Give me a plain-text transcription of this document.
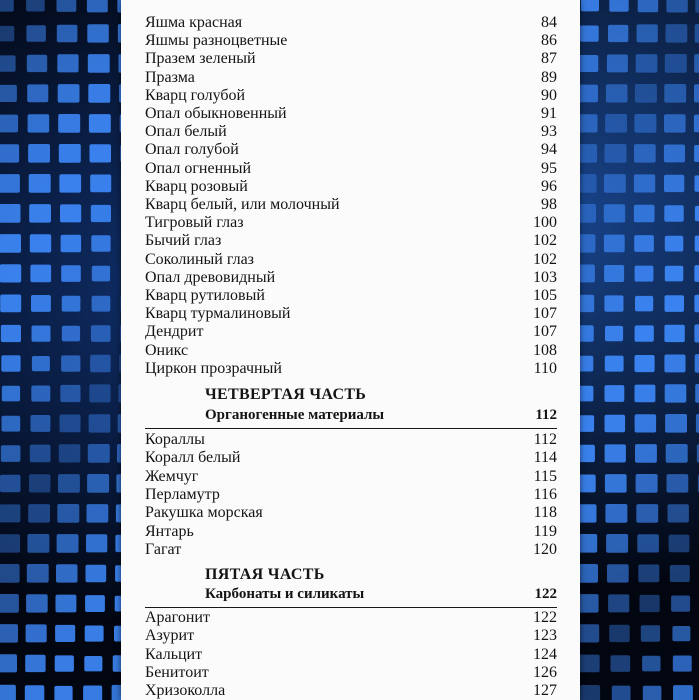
Яшма красная	84
Яшмы разноцветные	86
Празем зеленый	87
Празма	89
Кварц голубой	90
Опал обыкновенный	91
Опал белый	93
Опал голубой	94
Опал огненный	95
Кварц розовый	96
Кварц белый, или молочный	98
Тигровый глаз	100
Бычий глаз	102
Соколиный глаз	102
Опал древовидный	103
Кварц рутиловый	105
Кварц турмалиновый	107
Дендрит	107
Оникс	108
Циркон прозрачный	110
ЧЕТВЕРТАЯ ЧАСТЬ
Органогенные материалы	112
Кораллы	112
Коралл белый	114
Жемчуг	115
Перламутр	116
Ракушка морская	118
Янтарь	119
Гагат	120
ПЯТАЯ ЧАСТЬ
Карбонаты и силикаты	122
Арагонит	122
Азурит	123
Кальцит	124
Бенитоит	126
Хризоколла	127
